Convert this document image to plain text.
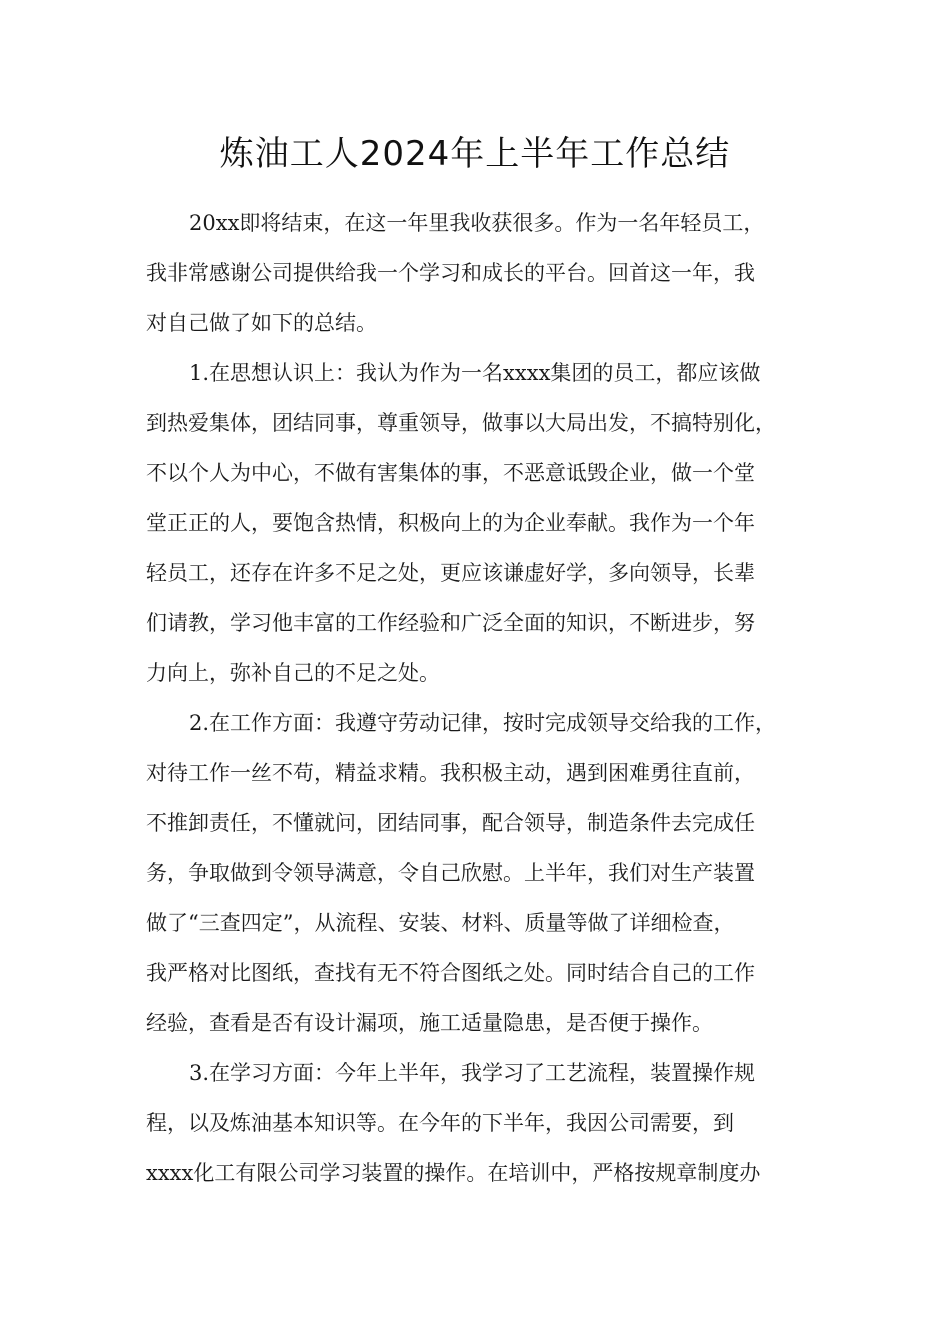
炼油工人2024年上半年工作总结
20xx即将结束，在这一年里我收获很多。作为一名年轻员工，
我非常感谢公司提供给我一个学习和成长的平台。回首这一年，我
对自己做了如下的总结。
1.在思想认识上：我认为作为一名xxxx集团的员工，都应该做
到热爱集体，团结同事，尊重领导，做事以大局出发，不搞特别化，
不以个人为中心，不做有害集体的事，不恶意诋毁企业，做一个堂
堂正正的人，要饱含热情，积极向上的为企业奉献。我作为一个年
轻员工，还存在许多不足之处，更应该谦虚好学，多向领导，长辈
们请教，学习他丰富的工作经验和广泛全面的知识，不断进步，努
力向上，弥补自己的不足之处。
2.在工作方面：我遵守劳动记律，按时完成领导交给我的工作，
对待工作一丝不苟，精益求精。我积极主动，遇到困难勇往直前，
不推卸责任，不懂就问，团结同事，配合领导，制造条件去完成任
务，争取做到令领导满意，令自己欣慰。上半年，我们对生产装置
做了“三查四定”，从流程、安装、材料、质量等做了详细检查，
我严格对比图纸，查找有无不符合图纸之处。同时结合自己的工作
经验，查看是否有设计漏项，施工适量隐患，是否便于操作。
3.在学习方面：今年上半年，我学习了工艺流程，装置操作规
程，以及炼油基本知识等。在今年的下半年，我因公司需要，到
xxxx化工有限公司学习装置的操作。在培训中，严格按规章制度办
